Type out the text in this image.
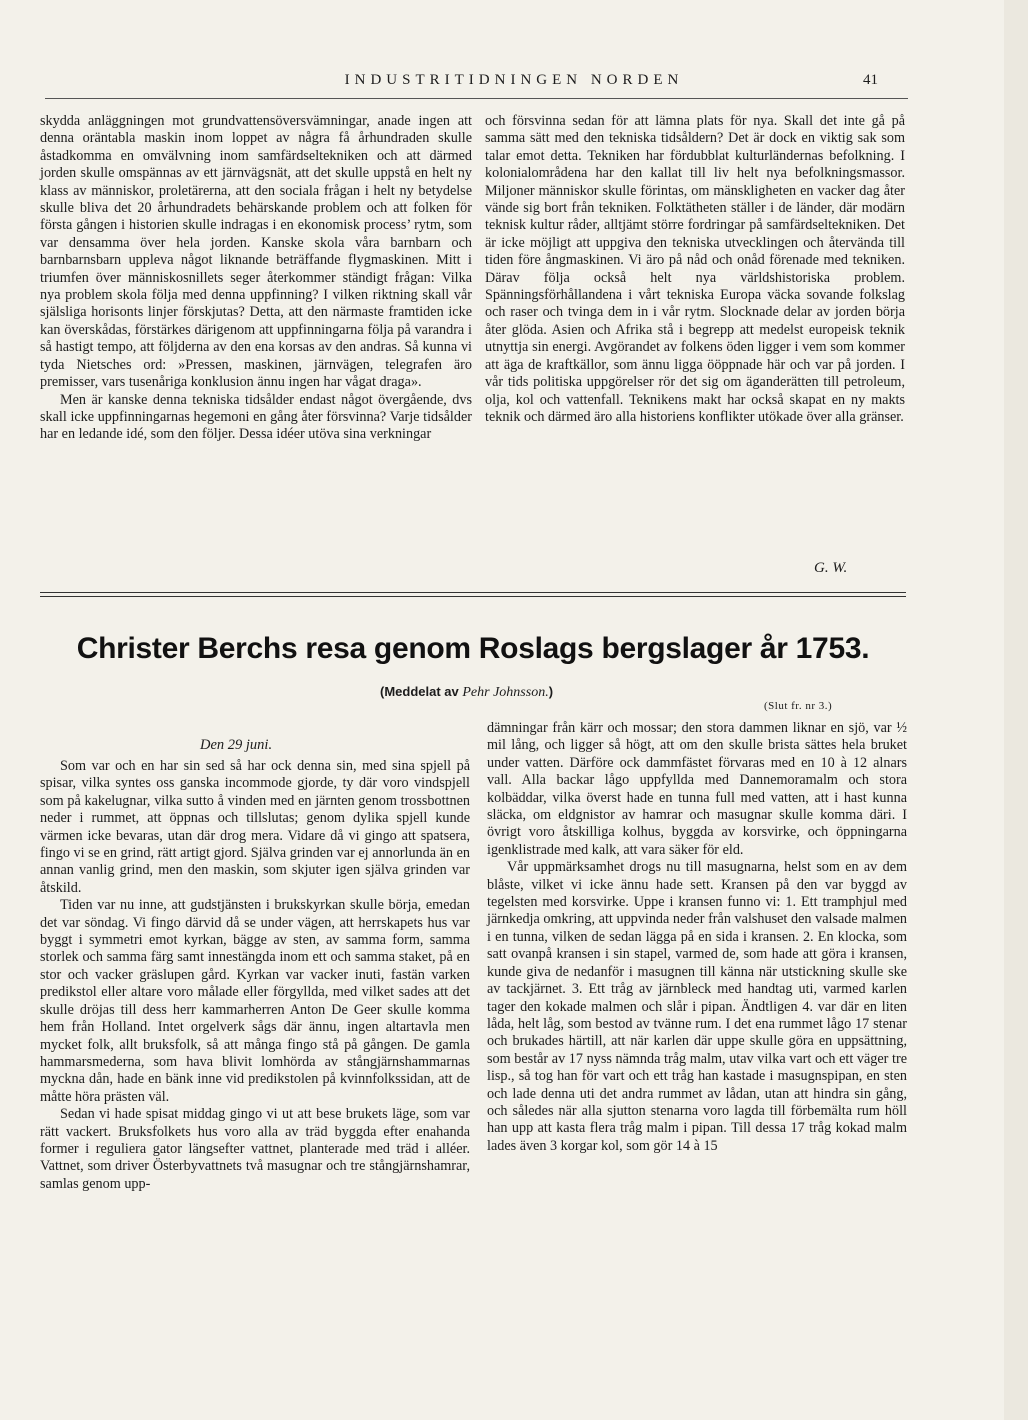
INDUSTRITIDNINGEN NORDEN	41

skydda anläggningen mot grundvattensöversvämningar, anade ingen att denna oräntabla maskin inom loppet av några få århundraden skulle åstadkomma en omvälvning inom samfärdseltekniken och att därmed jorden skulle omspännas av ett järnvägsnät, att det skulle uppstå en helt ny klass av människor, proletärerna, att den sociala frågan i helt ny betydelse skulle bliva det 20 århundradets behärskande problem och att folken för första gången i historien skulle indragas i en ekonomisk process’ rytm, som var densamma över hela jorden. Kanske skola våra barnbarn och barnbarnsbarn uppleva något liknande beträffande flygmaskinen. Mitt i triumfen över människosnillets seger återkommer ständigt frågan: Vilka nya problem skola följa med denna uppfinning? I vilken riktning skall vår själsliga horisonts linjer förskjutas? Detta, att den närmaste framtiden icke kan överskådas, förstärkes därigenom att uppfinningarna följa på varandra i så hastigt tempo, att följderna av den ena korsas av den andras. Så kunna vi tyda Nietsches ord: »Pressen, maskinen, järnvägen, telegrafen äro premisser, vars tusenåriga konklusion ännu ingen har vågat draga».

Men är kanske denna tekniska tidsålder endast något övergående, dvs skall icke uppfinningarnas hegemoni en gång åter försvinna? Varje tidsålder har en ledande idé, som den följer. Dessa idéer utöva sina verkningar

och försvinna sedan för att lämna plats för nya. Skall det inte gå på samma sätt med den tekniska tidsåldern? Det är dock en viktig sak som talar emot detta. Tekniken har fördubblat kulturländernas befolkning. I kolonialområdena har den kallat till liv helt nya befolkningsmassor. Miljoner människor skulle förintas, om mänskligheten en vacker dag åter vände sig bort från tekniken. Folktätheten ställer i de länder, där modärn teknisk kultur råder, alltjämt större fordringar på samfärdseltekniken. Det är icke möjligt att uppgiva den tekniska utvecklingen och återvända till tiden före ångmaskinen. Vi äro på nåd och onåd förenade med tekniken. Därav följa också helt nya världshistoriska problem. Spänningsförhållandena i vårt tekniska Europa väcka sovande folkslag och raser och tvinga dem in i vår rytm. Slocknade delar av jorden börja åter glöda. Asien och Afrika stå i begrepp att medelst europeisk teknik utnyttja sin energi. Avgörandet av folkens öden ligger i vem som kommer att äga de kraftkällor, som ännu ligga ööppnade här och var på jorden. I vår tids politiska uppgörelser rör det sig om äganderätten till petroleum, olja, kol och vattenfall. Teknikens makt har också skapat en ny makts teknik och därmed äro alla historiens konflikter utökade över alla gränser.

G. W.
Christer Berchs resa genom Roslags bergslager år 1753.
(Meddelat av Pehr Johnsson.)
(Slut fr. nr 3.)
Den 29 juni.

Som var och en har sin sed så har ock denna sin, med sina spjell på spisar, vilka syntes oss ganska incommode gjorde, ty där voro vindspjell som på kakelugnar, vilka sutto å vinden med en järnten genom trossbottnen neder i rummet, att öppnas och tillslutas; genom dylika spjell kunde värmen icke bevaras, utan där drog mera. Vidare då vi gingo att spatsera, fingo vi se en grind, rätt artigt gjord. Själva grinden var ej annorlunda än en annan vanlig grind, men den maskin, som skjuter igen själva grinden var åtskild.

Tiden var nu inne, att gudstjänsten i brukskyrkan skulle börja, emedan det var söndag. Vi fingo därvid då se under vägen, att herrskapets hus var byggt i symmetri emot kyrkan, bägge av sten, av samma form, samma storlek och samma färg samt innestängda inom ett och samma staket, på en stor och vacker gräslupen gård. Kyrkan var vacker inuti, fastän varken predikstol eller altare voro målade eller förgyllda, med vilket sades att det skulle dröjas till dess herr kammarherren Anton De Geer skulle komma hem från Holland. Intet orgelverk sågs där ännu, ingen altartavla men mycket folk, allt bruksfolk, så att många fingo stå på gången. De gamla hammarsmederna, som hava blivit lomhörda av stångjärnshammarnas myckna dån, hade en bänk inne vid predikstolen på kvinnfolkssidan, att de måtte höra prästen väl.

Sedan vi hade spisat middag gingo vi ut att bese brukets läge, som var rätt vackert. Bruksfolkets hus voro alla av träd byggda efter enahanda former i reguliera gator längsefter vattnet, planterade med träd i alléer. Vattnet, som driver Österbyvattnets två masugnar och tre stångjärnshamrar, samlas genom upp-

dämningar från kärr och mossar; den stora dammen liknar en sjö, var ½ mil lång, och ligger så högt, att om den skulle brista sättes hela bruket under vatten. Därföre ock dammfästet förvaras med en 10 à 12 alnars vall. Alla backar lågo uppfyllda med Dannemoramalm och stora kolbäddar, vilka överst hade en tunna full med vatten, att i hast kunna släcka, om eldgnistor av hamrar och masugnar skulle komma däri. I övrigt voro åtskilliga kolhus, byggda av korsvirke, och öppningarna igenklistrade med kalk, att vara säker för eld.

Vår uppmärksamhet drogs nu till masugnarna, helst som en av dem blåste, vilket vi icke ännu hade sett. Kransen på den var byggd av tegelsten med korsvirke. Uppe i kransen funno vi: 1. Ett tramphjul med järnkedja omkring, att uppvinda neder från valshuset den valsade malmen i en tunna, vilken de sedan lägga på en sida i kransen. 2. En klocka, som satt ovanpå kransen i sin stapel, varmed de, som hade att göra i kransen, kunde giva de nedanför i masugnen till känna när utstickning skulle ske av tackjärnet. 3. Ett tråg av järnbleck med handtag uti, varmed karlen tager den kokade malmen och slår i pipan. Ändtligen 4. var där en liten låda, helt låg, som bestod av tvänne rum. I det ena rummet lågo 17 stenar och brukades härtill, att när karlen där uppe skulle göra en uppsättning, som består av 17 nyss nämnda tråg malm, utav vilka vart och ett väger tre lisp., så tog han för vart och ett tråg han kastade i masugnspipan, en sten och lade denna uti det andra rummet av lådan, utan att hindra sin gång, och således när alla sjutton stenarna voro lagda till förbemälta rum höll han upp att kasta flera tråg malm i pipan. Till dessa 17 tråg kokad malm lades även 3 korgar kol, som gör 14 à 15
